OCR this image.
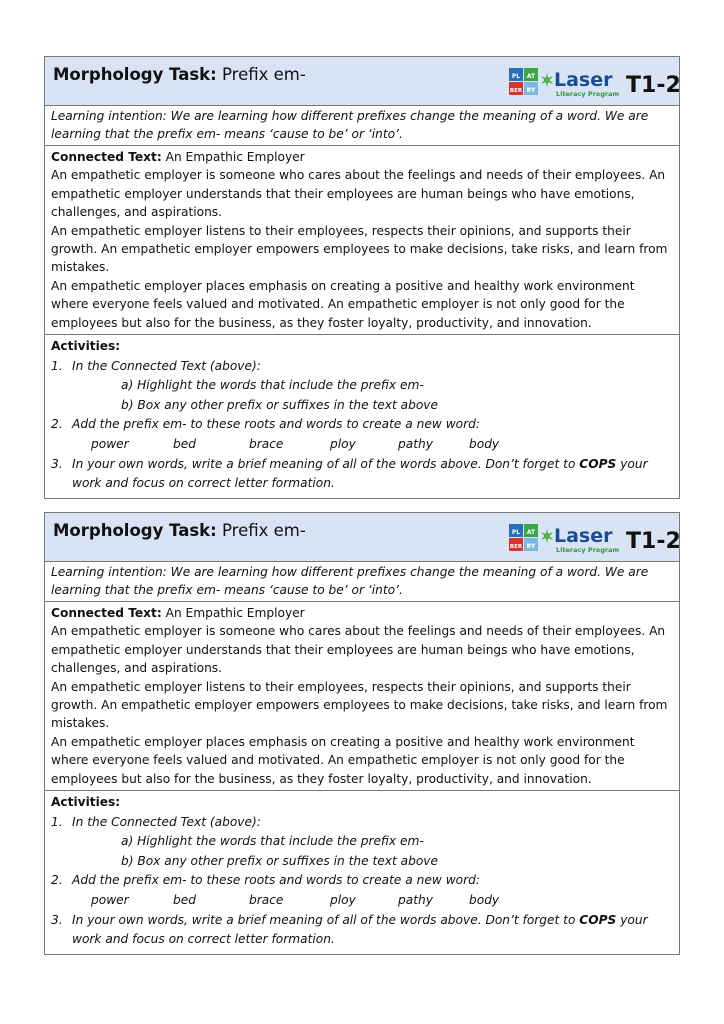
Morphology Task: Prefix em-	PL AT
BER RY Laser
Literacy Program T1-2
Learning intention: We are learning how different prefixes change the meaning of a word. We are learning that the prefix em- means ‘cause to be’ or ‘into’.
Connected Text: An Empathic Employer

An empathetic employer is someone who cares about the feelings and needs of their employees. An empathetic employer understands that their employees are human beings who have emotions, challenges, and aspirations.

An empathetic employer listens to their employees, respects their opinions, and supports their growth. An empathetic employer empowers employees to make decisions, take risks, and learn from mistakes.

An empathetic employer places emphasis on creating a positive and healthy work environment where everyone feels valued and motivated. An empathetic employer is not only good for the employees but also for the business, as they foster loyalty, productivity, and innovation.

Activities:
1. In the Connected Text (above):
a) Highlight the words that include the prefix em-
b) Box any other prefix or suffixes in the text above
2. Add the prefix em- to these roots and words to create a new word:
power	bed	brace	ploy	pathy	body
3. In your own words, write a brief meaning of all of the words above. Don’t forget to COPS your work and focus on correct letter formation.
Morphology Task: Prefix em-	PL AT
BER RY Laser
Literacy Program T1-2
Learning intention: We are learning how different prefixes change the meaning of a word. We are learning that the prefix em- means ‘cause to be’ or ‘into’.
Connected Text: An Empathic Employer

An empathetic employer is someone who cares about the feelings and needs of their employees. An empathetic employer understands that their employees are human beings who have emotions, challenges, and aspirations.

An empathetic employer listens to their employees, respects their opinions, and supports their growth. An empathetic employer empowers employees to make decisions, take risks, and learn from mistakes.

An empathetic employer places emphasis on creating a positive and healthy work environment where everyone feels valued and motivated. An empathetic employer is not only good for the employees but also for the business, as they foster loyalty, productivity, and innovation.

Activities:
1. In the Connected Text (above):
a) Highlight the words that include the prefix em-
b) Box any other prefix or suffixes in the text above
2. Add the prefix em- to these roots and words to create a new word:
power	bed	brace	ploy	pathy	body
3. In your own words, write a brief meaning of all of the words above. Don’t forget to COPS your work and focus on correct letter formation.
